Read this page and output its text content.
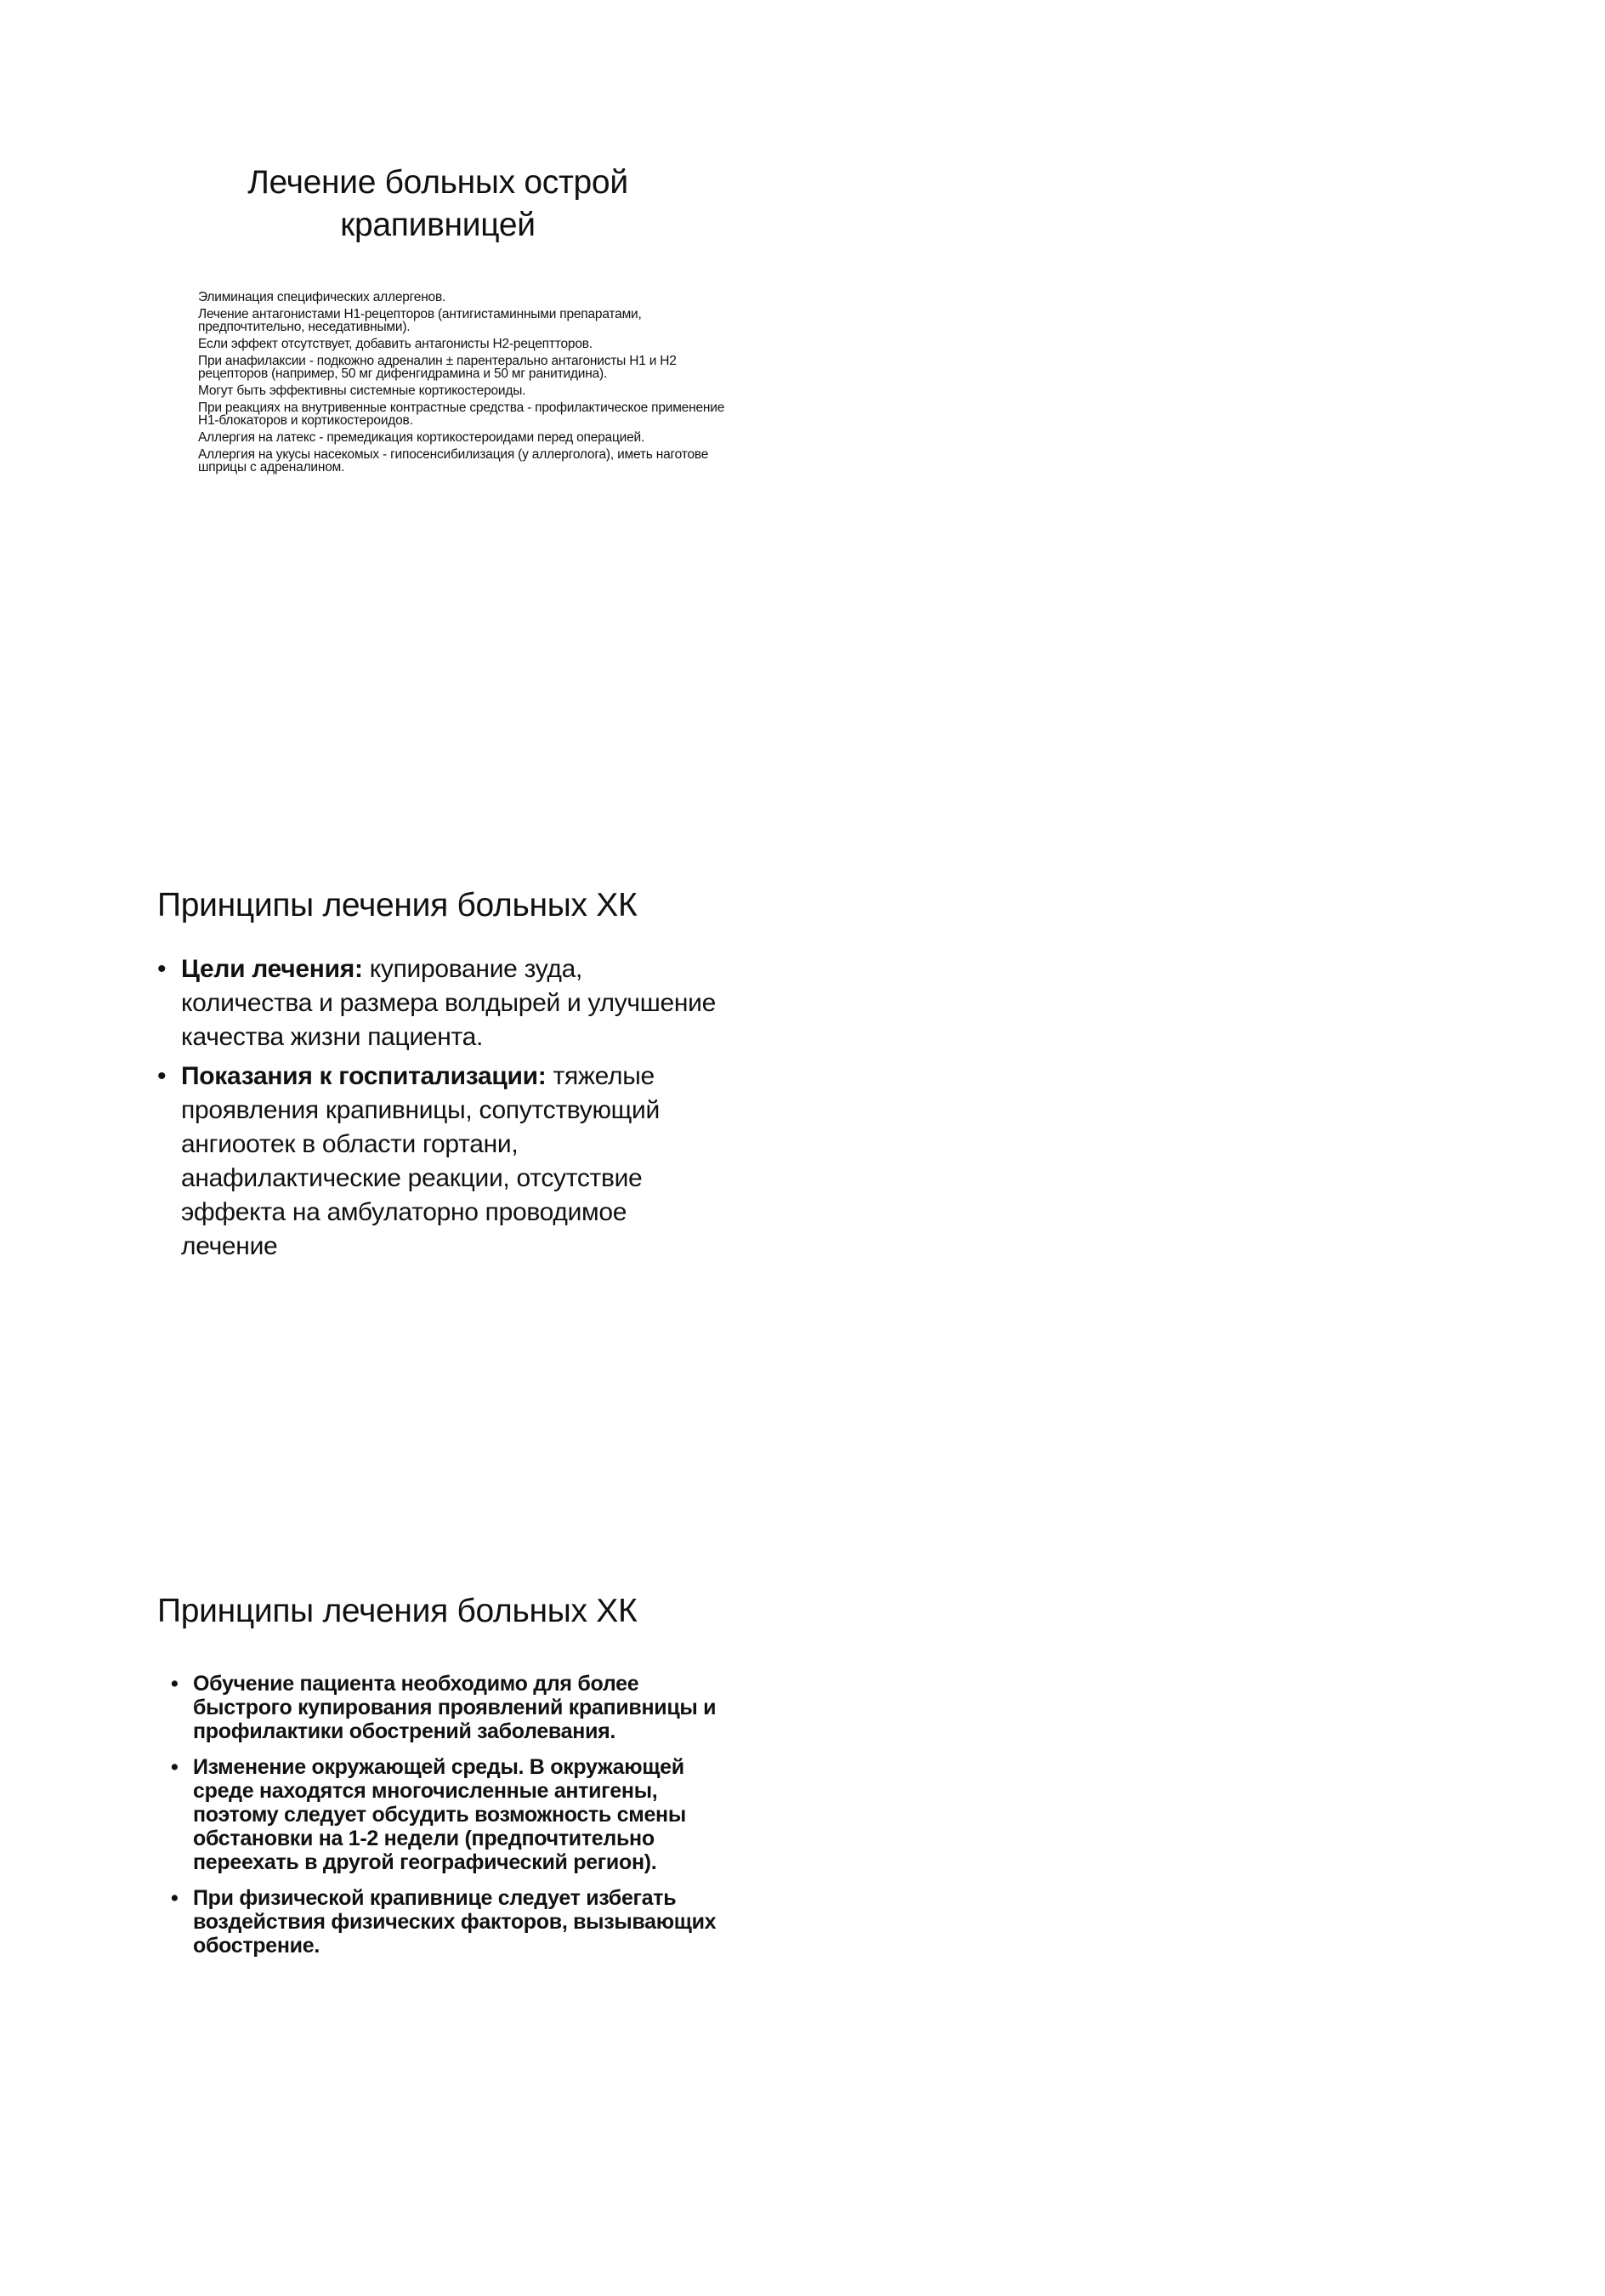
Лечение больных острой
крапивницей
Элиминация специфических аллергенов.
Лечение антагонистами Н1-рецепторов (антигистаминными препаратами, предпочтительно, неседативными).
Если эффект отсутствует, добавить антагонисты Н2-рецептторов.
При анафилаксии - подкожно адреналин ± парентерально антагонисты Н1 и Н2 рецепторов (например, 50 мг дифенгидрамина и 50 мг ранитидина).
Могут быть эффективны системные кортикостероиды.
При реакциях на внутривенные контрастные средства - профилактическое применение Н1-блокаторов и кортикостероидов.
Аллергия на латекс - премедикация кортикостероидами перед операцией.
Аллергия на укусы насекомых - гипосенсибилизация (у аллерголога), иметь наготове шприцы с адреналином.
Принципы лечения больных ХК
• Цели лечения: купирование зуда, количества и размера волдырей и улучшение качества жизни пациента.
• Показания к госпитализации: тяжелые проявления крапивницы, сопутствующий ангиоотек в области гортани, анафилактические реакции, отсутствие эффекта на амбулаторно проводимое лечение
Принципы лечения больных ХК
• Обучение пациента необходимо для более быстрого купирования проявлений крапивницы и профилактики обострений заболевания.
• Изменение окружающей среды. В окружающей среде находятся многочисленные антигены, поэтому следует обсудить возможность смены обстановки на 1-2 недели (предпочтительно переехать в другой географический регион).
• При физической крапивнице следует избегать воздействия физических факторов, вызывающих обострение.
